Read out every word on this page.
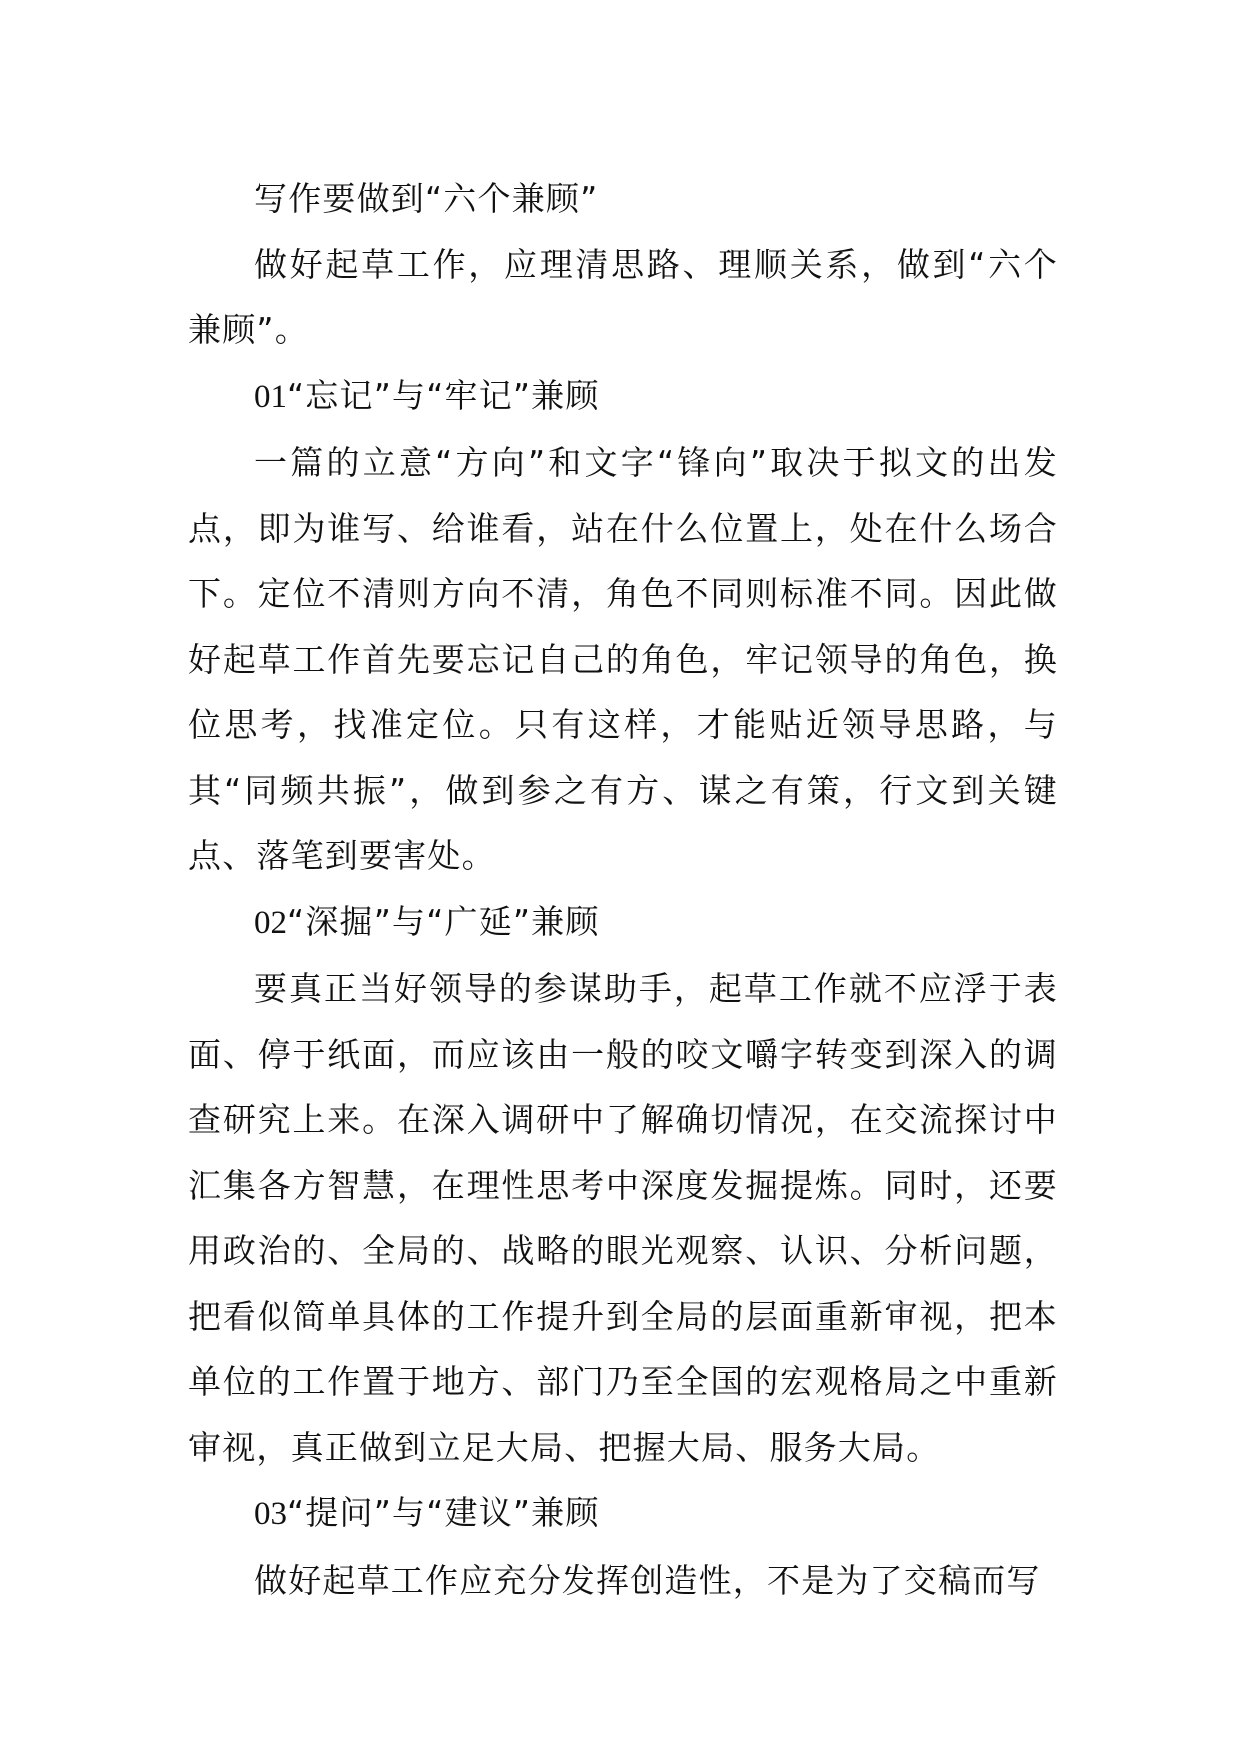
写作要做到“六个兼顾”

做好起草工作，应理清思路、理顺关系，做到“六个兼顾”。

01“忘记”与“牢记”兼顾

一篇的立意“方向”和文字“锋向”取决于拟文的出发点，即为谁写、给谁看，站在什么位置上，处在什么场合下。定位不清则方向不清，角色不同则标准不同。因此做好起草工作首先要忘记自己的角色，牢记领导的角色，换位思考，找准定位。只有这样，才能贴近领导思路，与其“同频共振”，做到参之有方、谋之有策，行文到关键点、落笔到要害处。

02“深掘”与“广延”兼顾

要真正当好领导的参谋助手，起草工作就不应浮于表面、停于纸面，而应该由一般的咬文嚼字转变到深入的调查研究上来。在深入调研中了解确切情况，在交流探讨中汇集各方智慧，在理性思考中深度发掘提炼。同时，还要用政治的、全局的、战略的眼光观察、认识、分析问题，把看似简单具体的工作提升到全局的层面重新审视，把本单位的工作置于地方、部门乃至全国的宏观格局之中重新审视，真正做到立足大局、把握大局、服务大局。

03“提问”与“建议”兼顾

做好起草工作应充分发挥创造性，不是为了交稿而写
